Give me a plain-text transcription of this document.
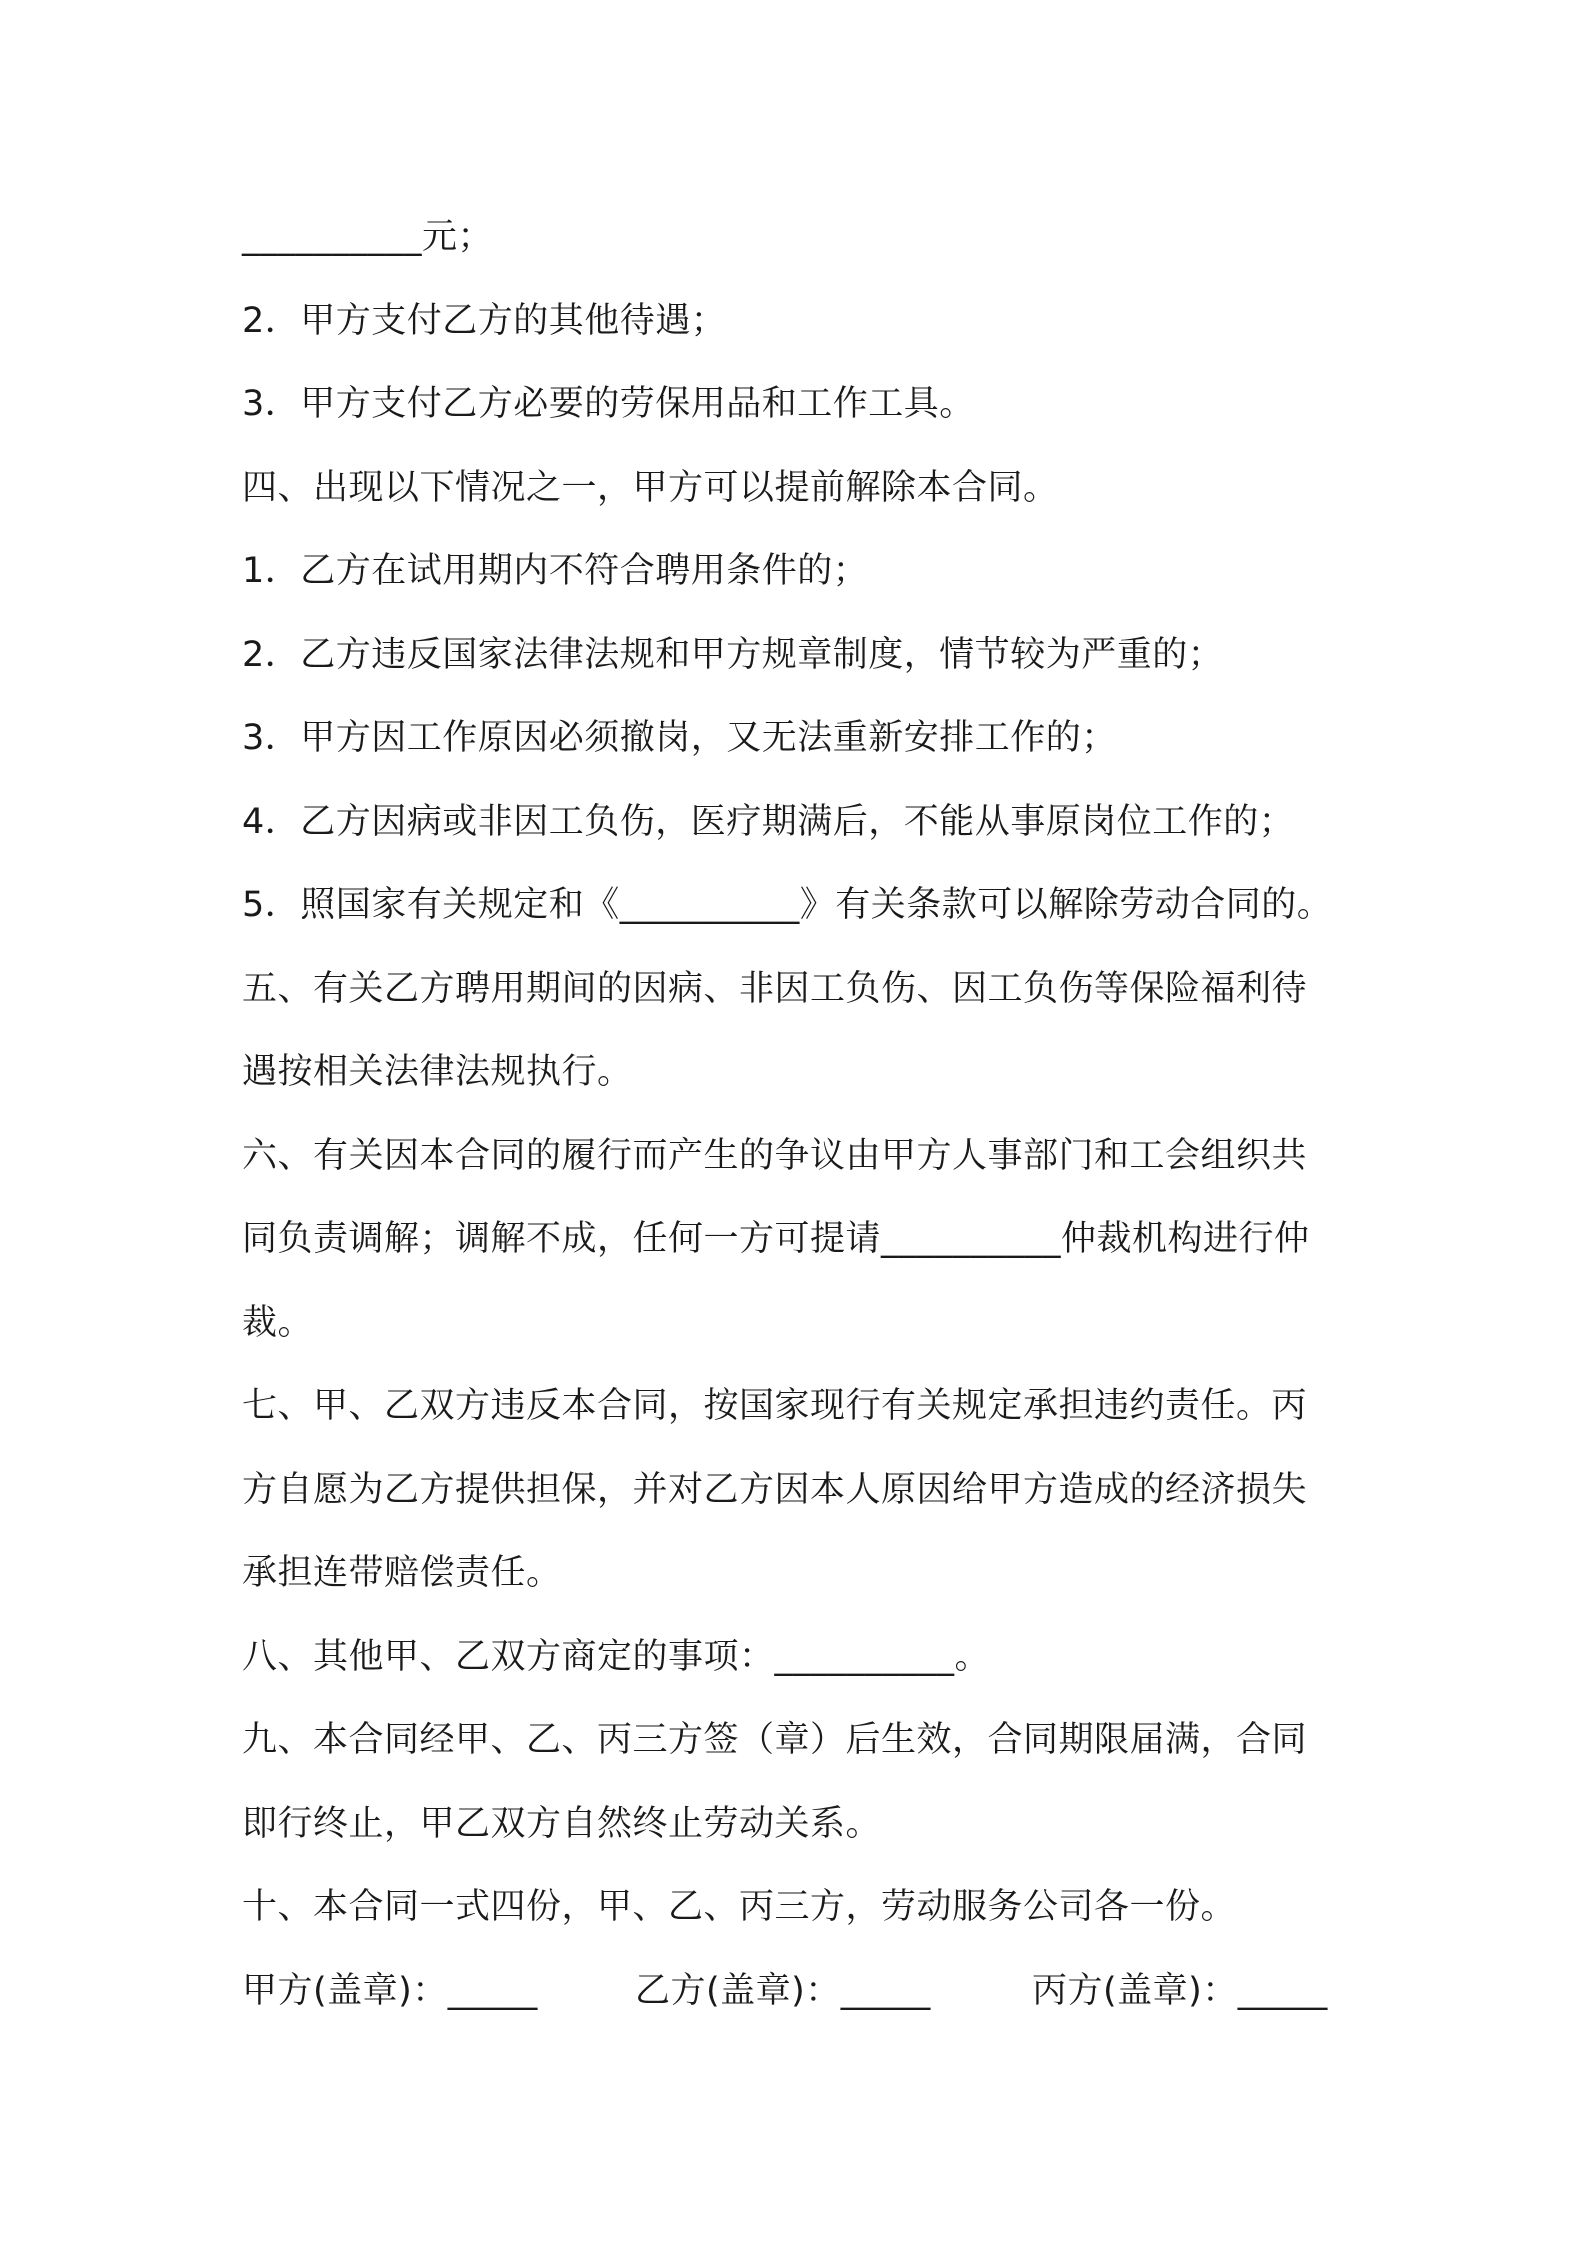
__________元；
2．甲方支付乙方的其他待遇；
3．甲方支付乙方必要的劳保用品和工作工具。
四、出现以下情况之一，甲方可以提前解除本合同。
1．乙方在试用期内不符合聘用条件的；
2．乙方违反国家法律法规和甲方规章制度，情节较为严重的；
3．甲方因工作原因必须撤岗，又无法重新安排工作的；
4．乙方因病或非因工负伤，医疗期满后，不能从事原岗位工作的；
5．照国家有关规定和《__________》有关条款可以解除劳动合同的。
五、有关乙方聘用期间的因病、非因工负伤、因工负伤等保险福利待
遇按相关法律法规执行。
六、有关因本合同的履行而产生的争议由甲方人事部门和工会组织共
同负责调解；调解不成，任何一方可提请__________仲裁机构进行仲
裁。
七、甲、乙双方违反本合同，按国家现行有关规定承担违约责任。丙
方自愿为乙方提供担保，并对乙方因本人原因给甲方造成的经济损失
承担连带赔偿责任。
八、其他甲、乙双方商定的事项：__________。
九、本合同经甲、乙、丙三方签（章）后生效，合同期限届满，合同
即行终止，甲乙双方自然终止劳动关系。
十、本合同一式四份，甲、乙、丙三方，劳动服务公司各一份。
甲方(盖章)：_____	乙方(盖章)：_____	丙方(盖章)：_____
